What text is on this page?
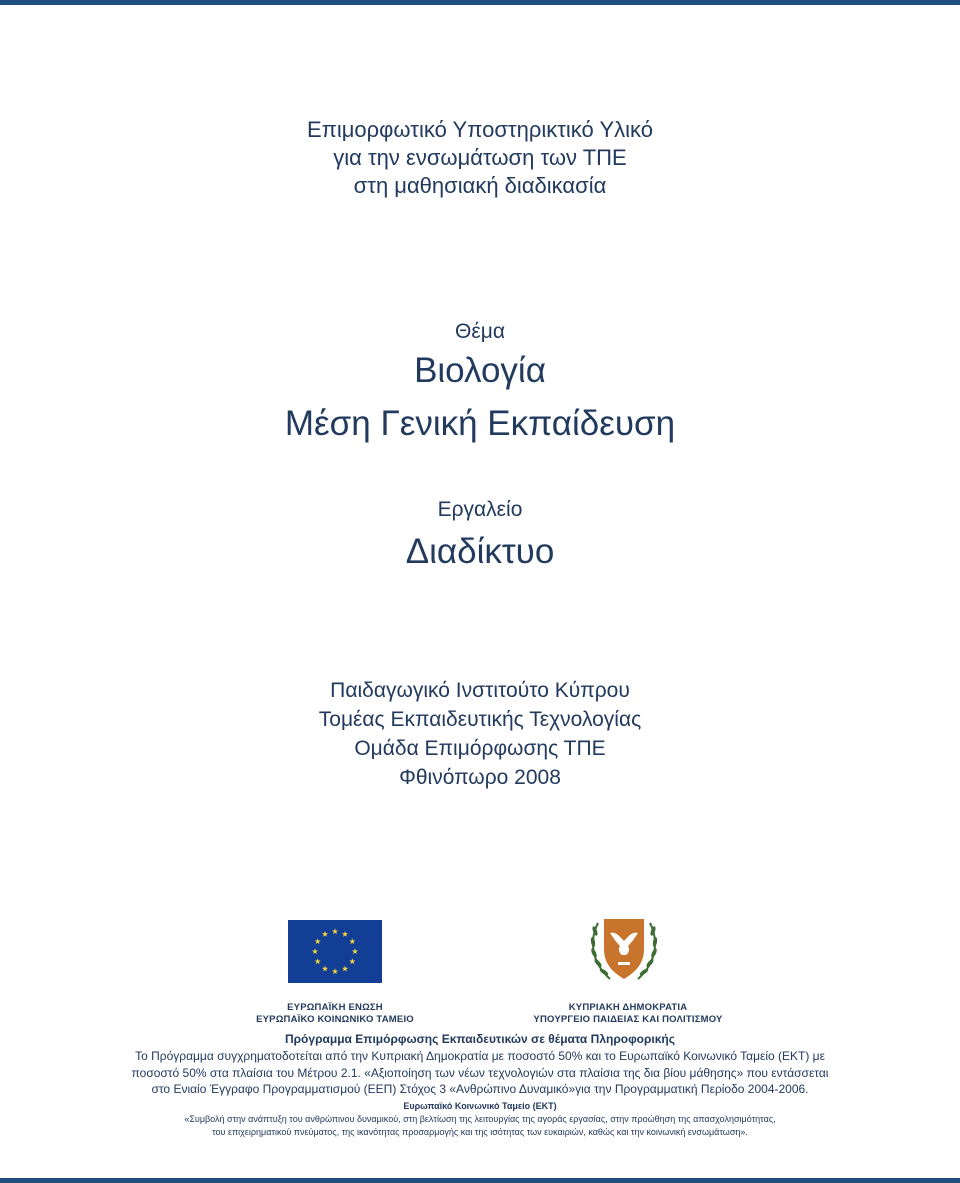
Επιμορφωτικό Υποστηρικτικό Υλικό
για την ενσωμάτωση των ΤΠΕ
στη μαθησιακή διαδικασία
Θέμα
Βιολογία
Μέση Γενική Εκπαίδευση
Εργαλείο
Διαδίκτυο
Παιδαγωγικό Ινστιτούτο Κύπρου
Τομέας Εκπαιδευτικής Τεχνολογίας
Ομάδα Επιμόρφωσης ΤΠΕ
Φθινόπωρο 2008
ΕΥΡΩΠΑΪΚΗ ΕΝΩΣΗ
ΕΥΡΩΠΑΪΚΟ ΚΟΙΝΩΝΙΚΟ ΤΑΜΕΙΟ
ΚΥΠΡΙΑΚΗ ΔΗΜΟΚΡΑΤΙΑ
ΥΠΟΥΡΓΕΙΟ ΠΑΙΔΕΙΑΣ ΚΑΙ ΠΟΛΙΤΙΣΜΟΥ
Πρόγραμμα Επιμόρφωσης Εκπαιδευτικών σε θέματα Πληροφορικής
Το Πρόγραμμα συγχρηματοδοτείται από την Κυπριακή Δημοκρατία με ποσοστό 50% και το Ευρωπαϊκό Κοινωνικό Ταμείο (ΕΚΤ) με
ποσοστό 50% στα πλαίσια του Μέτρου 2.1. «Αξιοποίηση των νέων τεχνολογιών στα πλαίσια της δια βίου μάθησης» που εντάσσεται
στο Ενιαίο Έγγραφο Προγραμματισμού (ΕΕΠ) Στόχος 3 «Ανθρώπινο Δυναμικό»για την Προγραμματική Περίοδο 2004-2006.
Ευρωπαϊκό Κοινωνικό Ταμείο (ΕΚΤ)
«Συμβολή στην ανάπτυξη του ανθρώπινου δυναμικού, στη βελτίωση της λειτουργίας της αγοράς εργασίας, στην προώθηση της απασχολησιμότητας,
του επιχειρηματικού πνεύματος, της ικανότητας προσαρμογής και της ισότητας των ευκαιριών, καθώς και την κοινωνική ενσωμάτωση».
